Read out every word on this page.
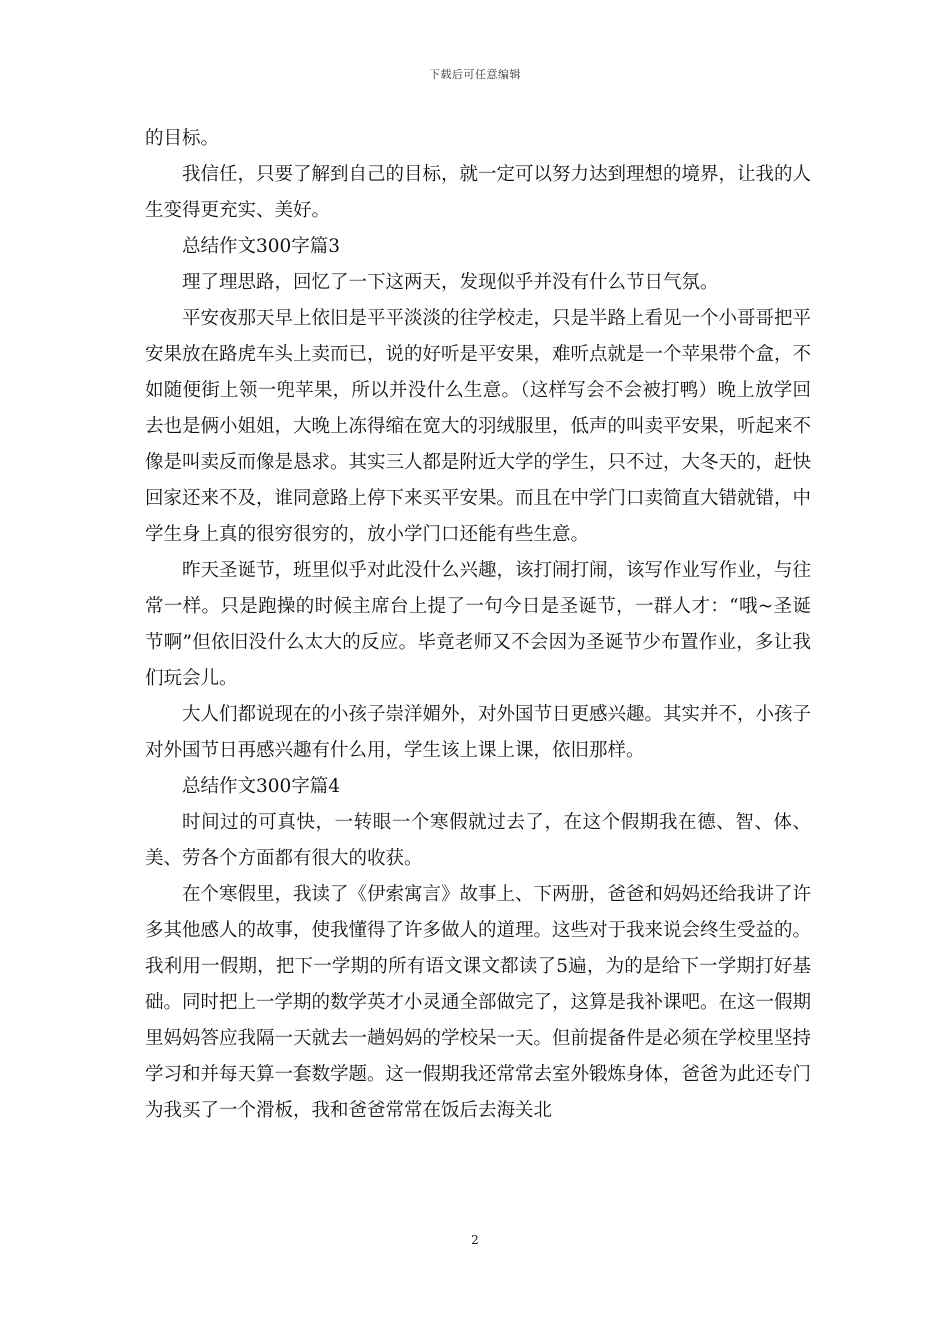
下载后可任意编辑

的目标。

我信任，只要了解到自己的目标，就一定可以努力达到理想的境界，让我的人生变得更充实、美好。

总结作文300字篇3

理了理思路，回忆了一下这两天，发现似乎并没有什么节日气氛。

平安夜那天早上依旧是平平淡淡的往学校走，只是半路上看见一个小哥哥把平安果放在路虎车头上卖而已，说的好听是平安果，难听点就是一个苹果带个盒，不如随便街上领一兜苹果，所以并没什么生意。（这样写会不会被打鸭）晚上放学回去也是俩小姐姐，大晚上冻得缩在宽大的羽绒服里，低声的叫卖平安果，听起来不像是叫卖反而像是恳求。其实三人都是附近大学的学生，只不过，大冬天的，赶快回家还来不及，谁同意路上停下来买平安果。而且在中学门口卖简直大错就错，中学生身上真的很穷很穷的，放小学门口还能有些生意。

昨天圣诞节，班里似乎对此没什么兴趣，该打闹打闹，该写作业写作业，与往常一样。只是跑操的时候主席台上提了一句今日是圣诞节，一群人才：“哦~圣诞节啊”但依旧没什么太大的反应。毕竟老师又不会因为圣诞节少布置作业，多让我们玩会儿。

大人们都说现在的小孩子崇洋媚外，对外国节日更感兴趣。其实并不，小孩子对外国节日再感兴趣有什么用，学生该上课上课，依旧那样。

总结作文300字篇4

时间过的可真快，一转眼一个寒假就过去了，在这个假期我在德、智、体、美、劳各个方面都有很大的收获。

在个寒假里，我读了《伊索寓言》故事上、下两册，爸爸和妈妈还给我讲了许多其他感人的故事，使我懂得了许多做人的道理。这些对于我来说会终生受益的。我利用一假期，把下一学期的所有语文课文都读了5遍，为的是给下一学期打好基础。同时把上一学期的数学英才小灵通全部做完了，这算是我补课吧。在这一假期里妈妈答应我隔一天就去一趟妈妈的学校呆一天。但前提备件是必须在学校里坚持学习和并每天算一套数学题。这一假期我还常常去室外锻炼身体，爸爸为此还专门为我买了一个滑板，我和爸爸常常在饭后去海关北

2
